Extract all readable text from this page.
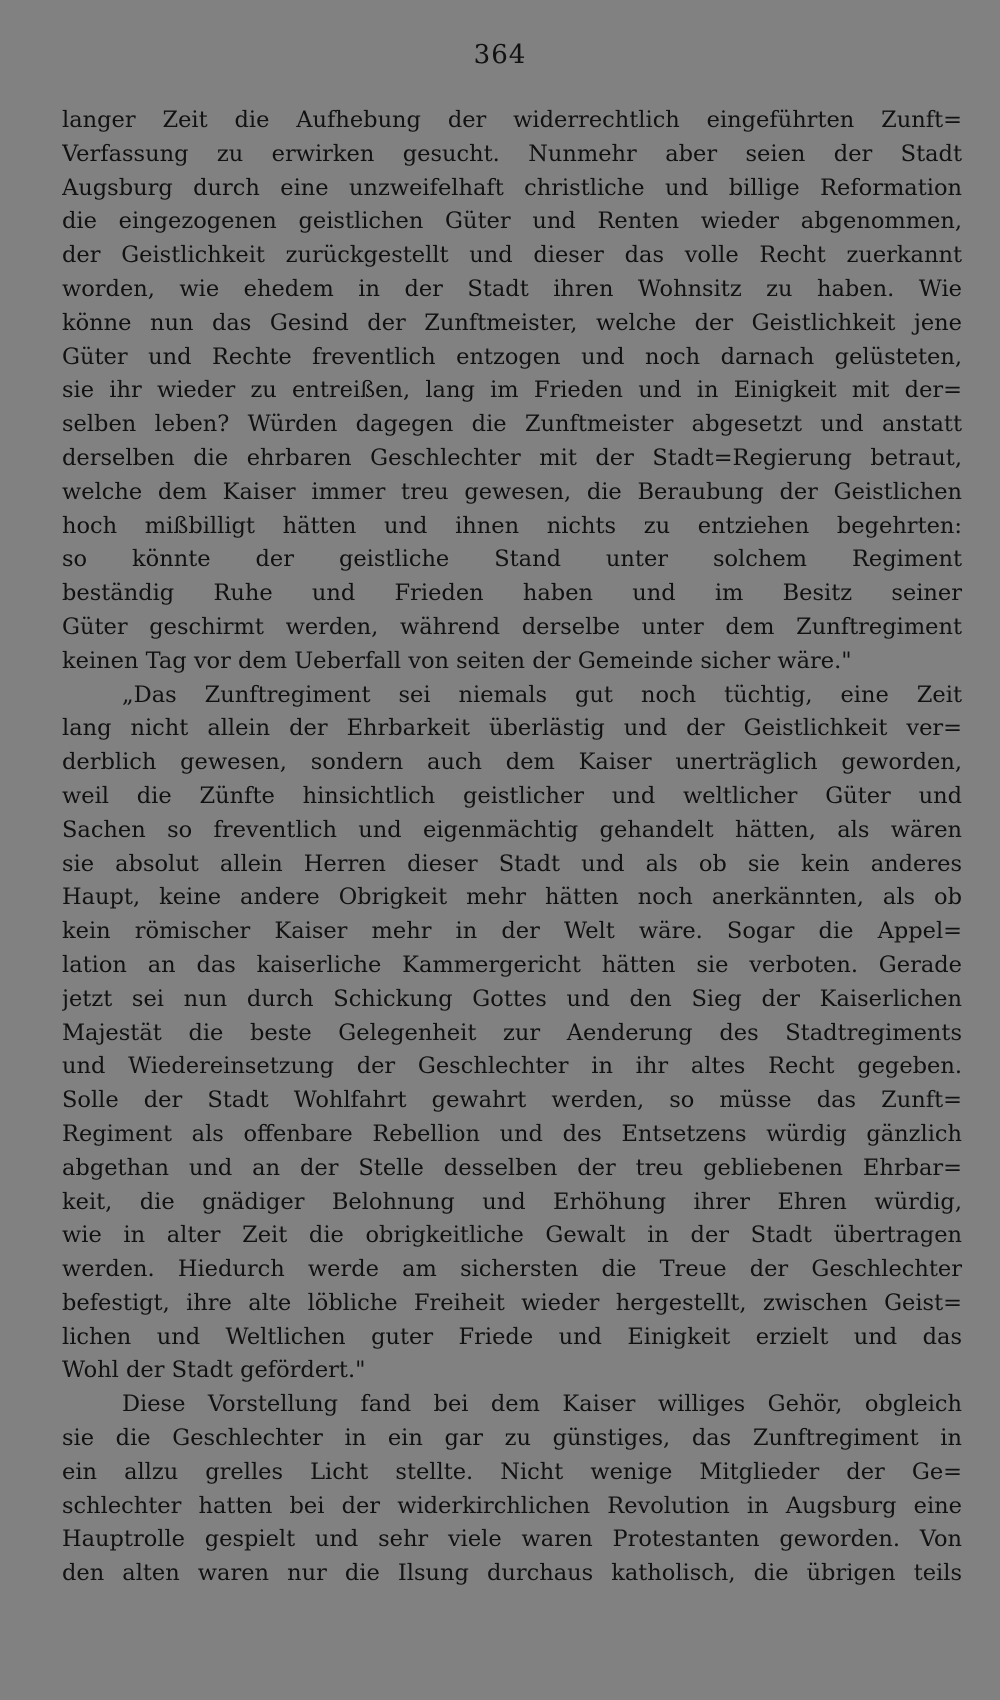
364
langer Zeit die Aufhebung der widerrechtlich eingeführten Zunft=
Verfassung zu erwirken gesucht. Nunmehr aber seien der Stadt
Augsburg durch eine unzweifelhaft christliche und billige Reformation
die eingezogenen geistlichen Güter und Renten wieder abgenommen,
der Geistlichkeit zurückgestellt und dieser das volle Recht zuerkannt
worden, wie ehedem in der Stadt ihren Wohnsitz zu haben. Wie
könne nun das Gesind der Zunftmeister, welche der Geistlichkeit jene
Güter und Rechte freventlich entzogen und noch darnach gelüsteten,
sie ihr wieder zu entreißen, lang im Frieden und in Einigkeit mit der=
selben leben? Würden dagegen die Zunftmeister abgesetzt und anstatt
derselben die ehrbaren Geschlechter mit der Stadt=Regierung betraut,
welche dem Kaiser immer treu gewesen, die Beraubung der Geistlichen
hoch mißbilligt hätten und ihnen nichts zu entziehen begehrten:
so könnte der geistliche Stand unter solchem Regiment
beständig Ruhe und Frieden haben und im Besitz seiner
Güter geschirmt werden, während derselbe unter dem Zunftregiment
keinen Tag vor dem Ueberfall von seiten der Gemeinde sicher wäre."
„Das Zunftregiment sei niemals gut noch tüchtig, eine Zeit
lang nicht allein der Ehrbarkeit überlästig und der Geistlichkeit ver=
derblich gewesen, sondern auch dem Kaiser unerträglich geworden,
weil die Zünfte hinsichtlich geistlicher und weltlicher Güter und
Sachen so freventlich und eigenmächtig gehandelt hätten, als wären
sie absolut allein Herren dieser Stadt und als ob sie kein anderes
Haupt, keine andere Obrigkeit mehr hätten noch anerkännten, als ob
kein römischer Kaiser mehr in der Welt wäre. Sogar die Appel=
lation an das kaiserliche Kammergericht hätten sie verboten. Gerade
jetzt sei nun durch Schickung Gottes und den Sieg der Kaiserlichen
Majestät die beste Gelegenheit zur Aenderung des Stadtregiments
und Wiedereinsetzung der Geschlechter in ihr altes Recht gegeben.
Solle der Stadt Wohlfahrt gewahrt werden, so müsse das Zunft=
Regiment als offenbare Rebellion und des Entsetzens würdig gänzlich
abgethan und an der Stelle desselben der treu gebliebenen Ehrbar=
keit, die gnädiger Belohnung und Erhöhung ihrer Ehren würdig,
wie in alter Zeit die obrigkeitliche Gewalt in der Stadt übertragen
werden. Hiedurch werde am sichersten die Treue der Geschlechter
befestigt, ihre alte löbliche Freiheit wieder hergestellt, zwischen Geist=
lichen und Weltlichen guter Friede und Einigkeit erzielt und das
Wohl der Stadt gefördert."
Diese Vorstellung fand bei dem Kaiser williges Gehör, obgleich
sie die Geschlechter in ein gar zu günstiges, das Zunftregiment in
ein allzu grelles Licht stellte. Nicht wenige Mitglieder der Ge=
schlechter hatten bei der widerkirchlichen Revolution in Augsburg eine
Hauptrolle gespielt und sehr viele waren Protestanten geworden. Von
den alten waren nur die Ilsung durchaus katholisch, die übrigen teils
